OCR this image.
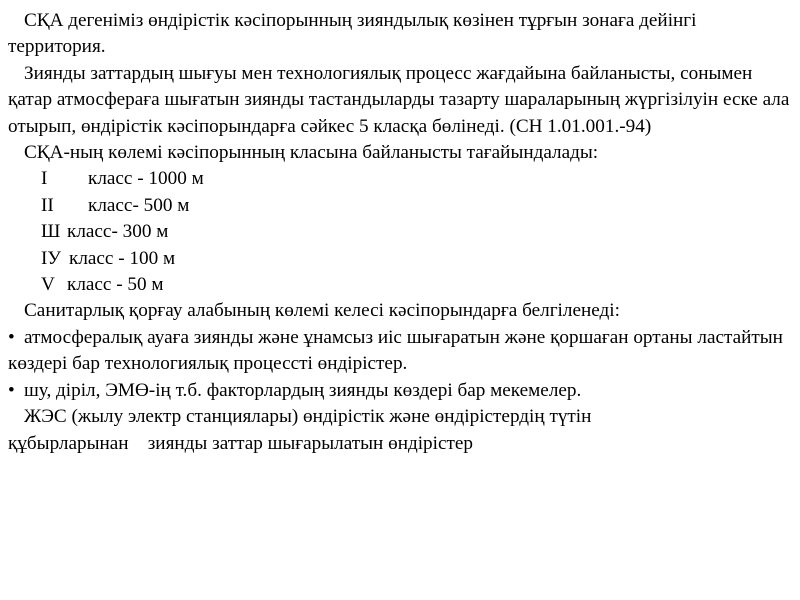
СҚА дегеніміз өндірістік кәсіпорынның зияндылық көзінен тұрғын зонаға дейінгі территория.

Зиянды заттардың шығуы мен технологиялық процесс жағдайына байланысты, сонымен қатар атмосфераға шығатын зиянды тастандыларды тазарту шараларының жүргізілуін еске ала отырып, өндірістік кәсіпорындарға сәйкес 5 класқа бөлінеді. (СН 1.01.001.-94)

СҚА-ның көлемі кәсіпорынның класына байланысты тағайындалады:

I	класс - 1000 м
II	класс- 500 м
Ш класс- 300 м
IУ класс - 100 м
V класс - 50 м

Санитарлық қорғау алабының көлемі келесі кәсіпорындарға белгіленеді:

• атмосфералық ауаға зиянды және ұнамсыз иіс шығаратын және қоршаған ортаны ластайтын көздері бар технологиялық процессті өндірістер.
• шу, діріл, ЭМӨ-ің т.б. факторлардың зиянды көздері бар мекемелер.

ЖЭС (жылу электр станциялары) өндірістік және өндірістердің түтін құбырларынан    зиянды заттар шығарылатын өндірістер
